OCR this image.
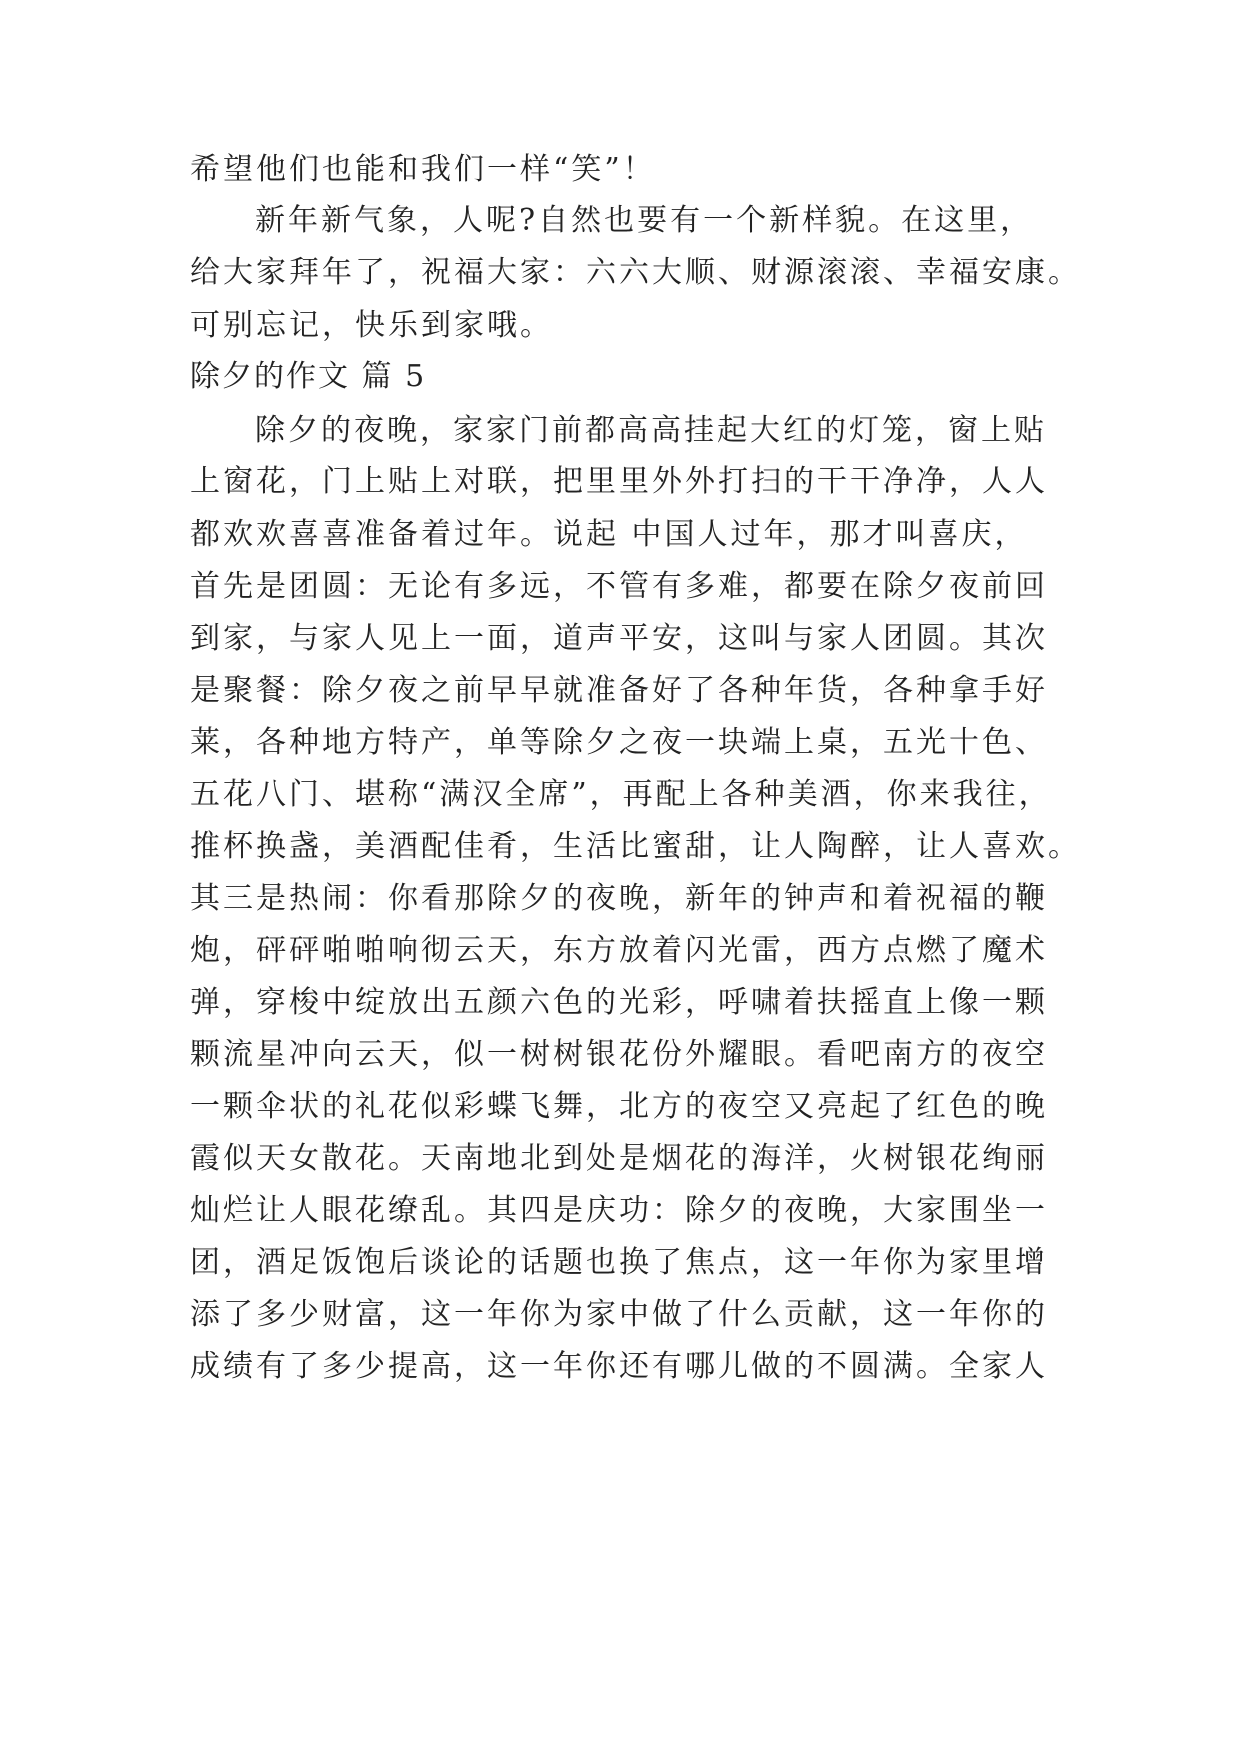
希望他们也能和我们一样“笑”！
新年新气象，人呢?自然也要有一个新样貌。在这里，
给大家拜年了，祝福大家：六六大顺、财源滚滚、幸福安康。
可别忘记，快乐到家哦。
除夕的作文 篇 5
除夕的夜晚，家家门前都高高挂起大红的灯笼，窗上贴
上窗花，门上贴上对联，把里里外外打扫的干干净净，人人
都欢欢喜喜准备着过年。说起 中国人过年，那才叫喜庆，
首先是团圆：无论有多远，不管有多难，都要在除夕夜前回
到家，与家人见上一面，道声平安，这叫与家人团圆。其次
是聚餐：除夕夜之前早早就准备好了各种年货，各种拿手好
莱，各种地方特产，单等除夕之夜一块端上桌，五光十色、
五花八门、堪称“满汉全席”，再配上各种美酒，你来我往，
推杯换盏，美酒配佳肴，生活比蜜甜，让人陶醉，让人喜欢。
其三是热闹：你看那除夕的夜晚，新年的钟声和着祝福的鞭
炮，砰砰啪啪响彻云天，东方放着闪光雷，西方点燃了魔术
弹，穿梭中绽放出五颜六色的光彩，呼啸着扶摇直上像一颗
颗流星冲向云天，似一树树银花份外耀眼。看吧南方的夜空
一颗伞状的礼花似彩蝶飞舞，北方的夜空又亮起了红色的晚
霞似天女散花。天南地北到处是烟花的海洋，火树银花绚丽
灿烂让人眼花缭乱。其四是庆功：除夕的夜晚，大家围坐一
团，酒足饭饱后谈论的话题也换了焦点，这一年你为家里增
添了多少财富，这一年你为家中做了什么贡献，这一年你的
成绩有了多少提高，这一年你还有哪儿做的不圆满。全家人
